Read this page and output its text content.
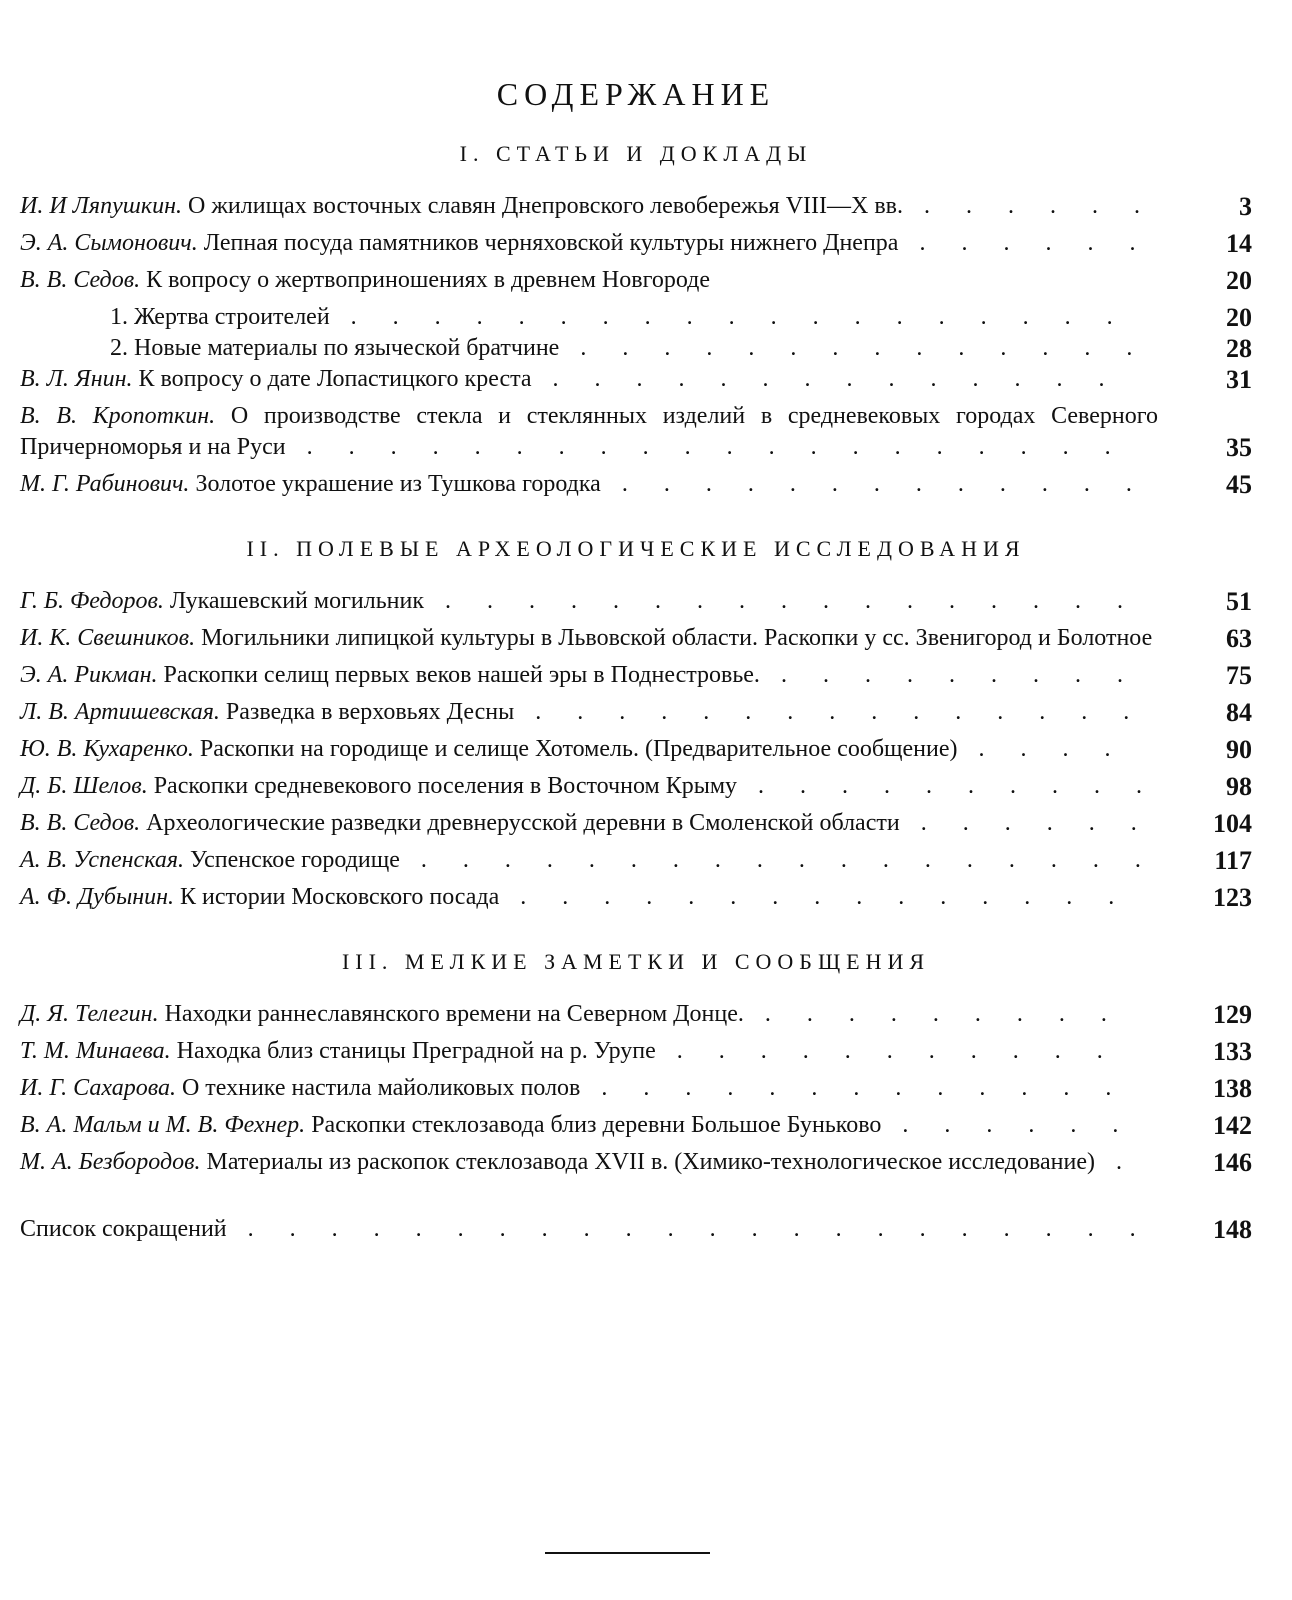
СОДЕРЖАНИЕ
I. СТАТЬИ И ДОКЛАДЫ
И. И Ляпушкин. О жилищах восточных славян Днепровского левобережья VIII—X вв. . . . . . .	3
Э. А. Сымонович. Лепная посуда памятников черняховской культуры нижнего Днепра . . . . . .	14
В. В. Седов. К вопросу о жертвоприношениях в древнем Новгороде	20
1. Жертва строителей . . . . . . . . . . . . . . . . . . .	20
2. Новые материалы по языческой братчине . . . . . . . . . . . . . .	28
В. Л. Янин. К вопросу о дате Лопастицкого креста . . . . . . . . . . . . . .	31
В. В. Кропоткин. О производстве стекла и стеклянных изделий в средневековых городах Северного Причерноморья и на Руси . . . . . . . . . . . . . . . . . . . .	35
М. Г. Рабинович. Золотое украшение из Тушкова городка . . . . . . . . . . . . .	45
II. ПОЛЕВЫЕ АРХЕОЛОГИЧЕСКИЕ ИССЛЕДОВАНИЯ
Г. Б. Федоров. Лукашевский могильник . . . . . . . . . . . . . . . . .	51
И. К. Свешников. Могильники липицкой культуры в Львовской области. Раскопки у сс. Звенигород и Болотное	63
Э. А. Рикман. Раскопки селищ первых веков нашей эры в Поднестровье. . . . . . . . . .	75
Л. В. Артишевская. Разведка в верховьях Десны . . . . . . . . . . . . . . .	84
Ю. В. Кухаренко. Раскопки на городище и селище Хотомель. (Предварительное сообщение) . . . .	90
Д. Б. Шелов. Раскопки средневекового поселения в Восточном Крыму . . . . . . . . . .	98
В. В. Седов. Археологические разведки древнерусской деревни в Смоленской области . . . . . .	104
А. В. Успенская. Успенское городище . . . . . . . . . . . . . . . . . .	117
А. Ф. Дубынин. К истории Московского посада . . . . . . . . . . . . . . .	123
III. МЕЛКИЕ ЗАМЕТКИ И СООБЩЕНИЯ
Д. Я. Телегин. Находки раннеславянского времени на Северном Донце. . . . . . . . . .	129
Т. М. Минаева. Находка близ станицы Преградной на р. Урупе . . . . . . . . . . .	133
И. Г. Сахарова. О технике настила майоликовых полов . . . . . . . . . . . . .	138
В. А. Мальм и М. В. Фехнер. Раскопки стеклозавода близ деревни Большое Буньково . . . . . .	142
М. А. Безбородов. Материалы из раскопок стеклозавода XVII в. (Химико-технологическое исследование) .	146
Список сокращений . . . . . . . . . . . . . . . . . . . . . .	148
